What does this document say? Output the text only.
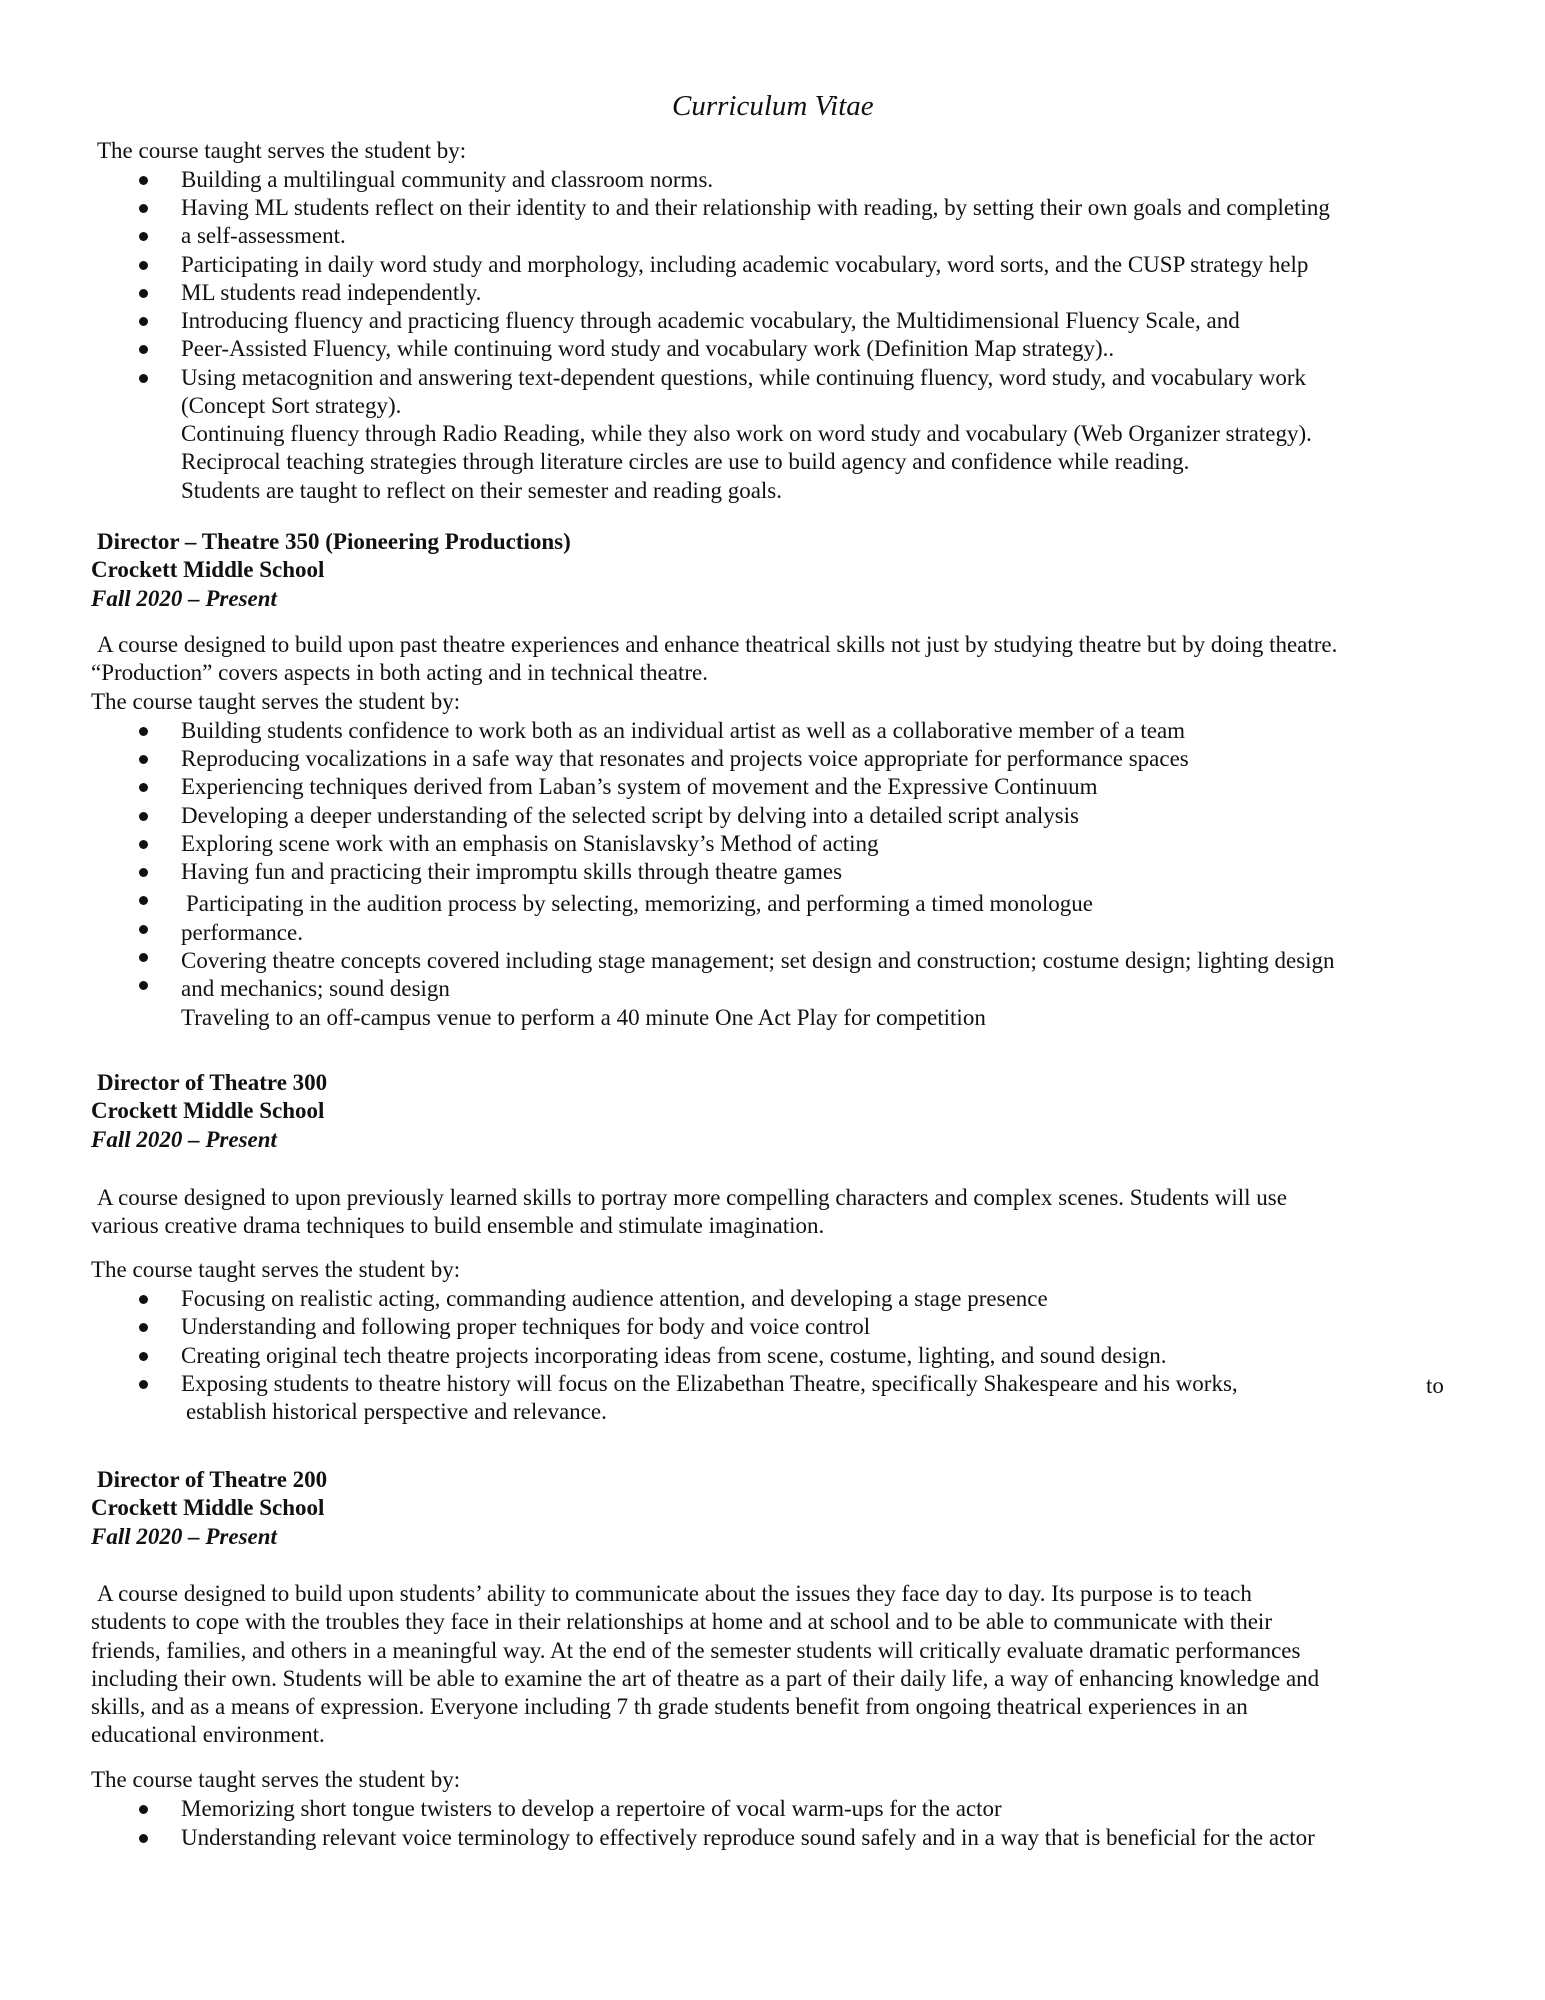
Curriculum Vitae
The course taught serves the student by:
Building a multilingual community and classroom norms.
Having ML students reflect on their identity to and their relationship with reading, by setting their own goals and completing
a self-assessment.
Participating in daily word study and morphology, including academic vocabulary, word sorts, and the CUSP strategy help
ML students read independently.
Introducing fluency and practicing fluency through academic vocabulary, the Multidimensional Fluency Scale, and
Peer-Assisted Fluency, while continuing word study and vocabulary work (Definition Map strategy)..
Using metacognition and answering text-dependent questions, while continuing fluency, word study, and vocabulary work
(Concept Sort strategy).
Continuing fluency through Radio Reading, while they also work on word study and vocabulary (Web Organizer strategy).
Reciprocal teaching strategies through literature circles are use to build agency and confidence while reading.
Students are taught to reflect on their semester and reading goals.
Director – Theatre 350 (Pioneering Productions)
Crockett Middle School
Fall 2020 – Present
A course designed to build upon past theatre experiences and enhance theatrical skills not just by studying theatre but by doing theatre.
“Production” covers aspects in both acting and in technical theatre.
The course taught serves the student by:
Building students confidence to work both as an individual artist as well as a collaborative member of a team
Reproducing vocalizations in a safe way that resonates and projects voice appropriate for performance spaces
Experiencing techniques derived from Laban’s system of movement and the Expressive Continuum
Developing a deeper understanding of the selected script by delving into a detailed script analysis
Exploring scene work with an emphasis on Stanislavsky’s Method of acting
Having fun and practicing their impromptu skills through theatre games
Participating in the audition process by selecting, memorizing, and performing a timed monologue
performance.
Covering theatre concepts covered including stage management; set design and construction; costume design; lighting design
and mechanics; sound design
Traveling to an off-campus venue to perform a 40 minute One Act Play for competition
Director of Theatre 300
Crockett Middle School
Fall 2020 – Present
A course designed to upon previously learned skills to portray more compelling characters and complex scenes. Students will use
various creative drama techniques to build ensemble and stimulate imagination.
The course taught serves the student by:
Focusing on realistic acting, commanding audience attention, and developing a stage presence
Understanding and following proper techniques for body and voice control
Creating original tech theatre projects incorporating ideas from scene, costume, lighting, and sound design.
Exposing students to theatre history will focus on the Elizabethan Theatre, specifically Shakespeare and his works,	to
establish historical perspective and relevance.
Director of Theatre 200
Crockett Middle School
Fall 2020 – Present
A course designed to build upon students’ ability to communicate about the issues they face day to day. Its purpose is to teach
students to cope with the troubles they face in their relationships at home and at school and to be able to communicate with their
friends, families, and others in a meaningful way. At the end of the semester students will critically evaluate dramatic performances
including their own. Students will be able to examine the art of theatre as a part of their daily life, a way of enhancing knowledge and
skills, and as a means of expression. Everyone including 7 th grade students benefit from ongoing theatrical experiences in an
educational environment.
The course taught serves the student by:
Memorizing short tongue twisters to develop a repertoire of vocal warm-ups for the actor
Understanding relevant voice terminology to effectively reproduce sound safely and in a way that is beneficial for the actor
